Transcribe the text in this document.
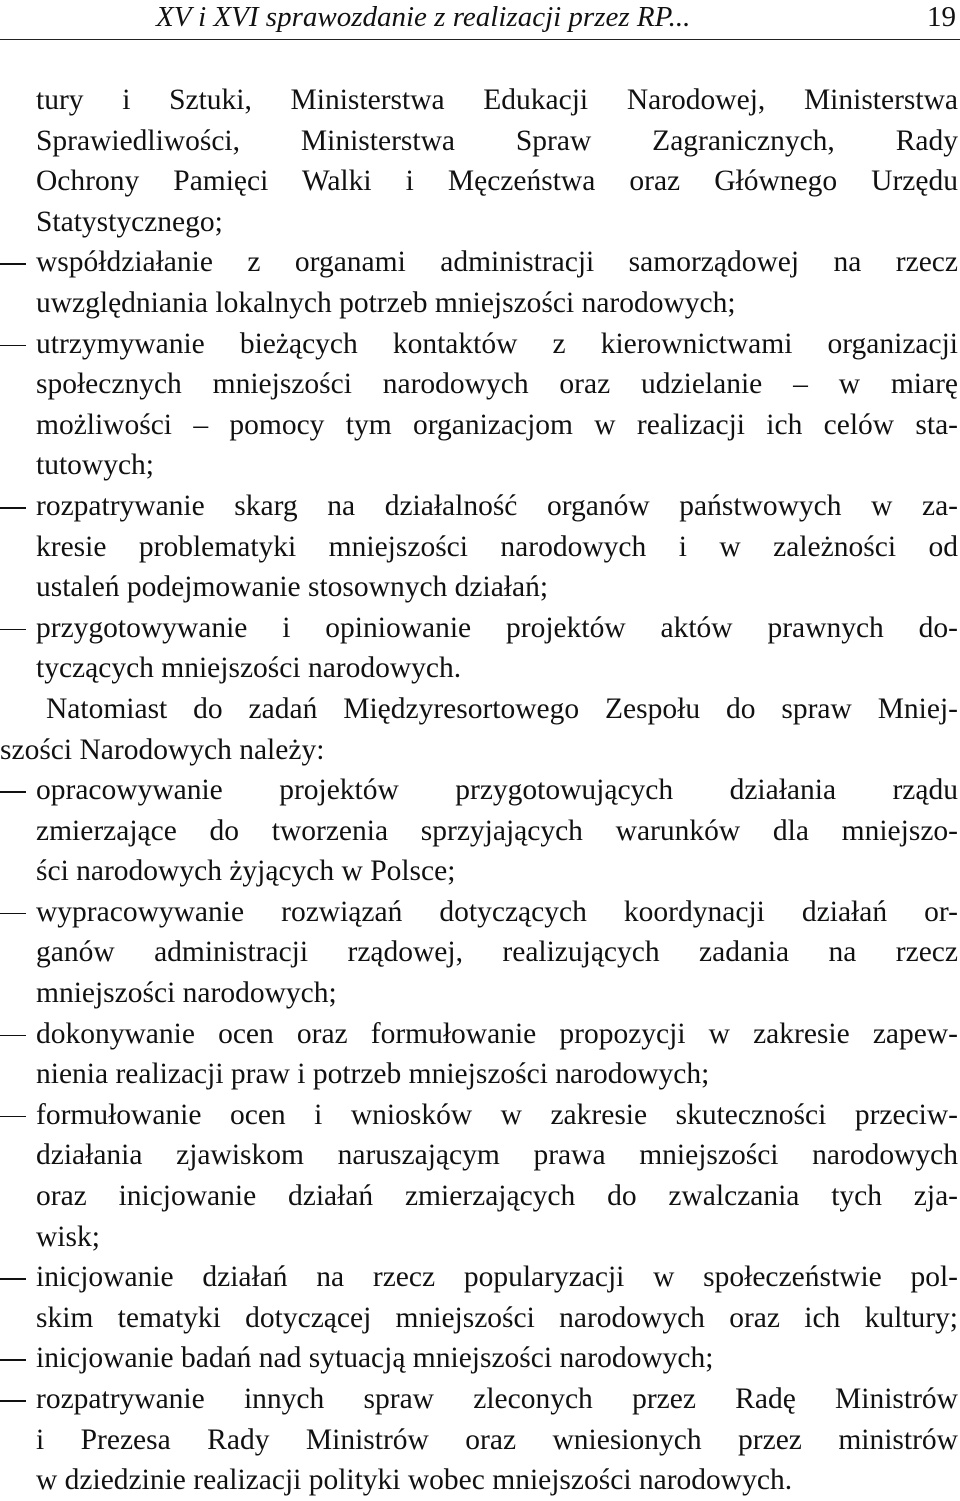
XV i XVI sprawozdanie z realizacji przez RP...	19
tury i Sztuki, Ministerstwa Edukacji Narodowej, Ministerstwa
Sprawiedliwości, Ministerstwa Spraw Zagranicznych, Rady
Ochrony Pamięci Walki i Męczeństwa oraz Głównego Urzędu
Statystycznego;
współdziałanie z organami administracji samorządowej na rzecz
uwzględniania lokalnych potrzeb mniejszości narodowych;
utrzymywanie bieżących kontaktów z kierownictwami organizacji
społecznych mniejszości narodowych oraz udzielanie – w miarę
możliwości – pomocy tym organizacjom w realizacji ich celów sta-
tutowych;
rozpatrywanie skarg na działalność organów państwowych w za-
kresie problematyki mniejszości narodowych i w zależności od
ustaleń podejmowanie stosownych działań;
przygotowywanie i opiniowanie projektów aktów prawnych do-
tyczących mniejszości narodowych.
Natomiast do zadań Międzyresortowego Zespołu do spraw Mniej-
szości Narodowych należy:
opracowywanie projektów przygotowujących działania rządu
zmierzające do tworzenia sprzyjających warunków dla mniejszo-
ści narodowych żyjących w Polsce;
wypracowywanie rozwiązań dotyczących koordynacji działań or-
ganów administracji rządowej, realizujących zadania na rzecz
mniejszości narodowych;
dokonywanie ocen oraz formułowanie propozycji w zakresie zapew-
nienia realizacji praw i potrzeb mniejszości narodowych;
formułowanie ocen i wniosków w zakresie skuteczności przeciw-
działania zjawiskom naruszającym prawa mniejszości narodowych
oraz inicjowanie działań zmierzających do zwalczania tych zja-
wisk;
inicjowanie działań na rzecz popularyzacji w społeczeństwie pol-
skim tematyki dotyczącej mniejszości narodowych oraz ich kultury;
inicjowanie badań nad sytuacją mniejszości narodowych;
rozpatrywanie innych spraw zleconych przez Radę Ministrów
i Prezesa Rady Ministrów oraz wniesionych przez ministrów
w dziedzinie realizacji polityki wobec mniejszości narodowych.
